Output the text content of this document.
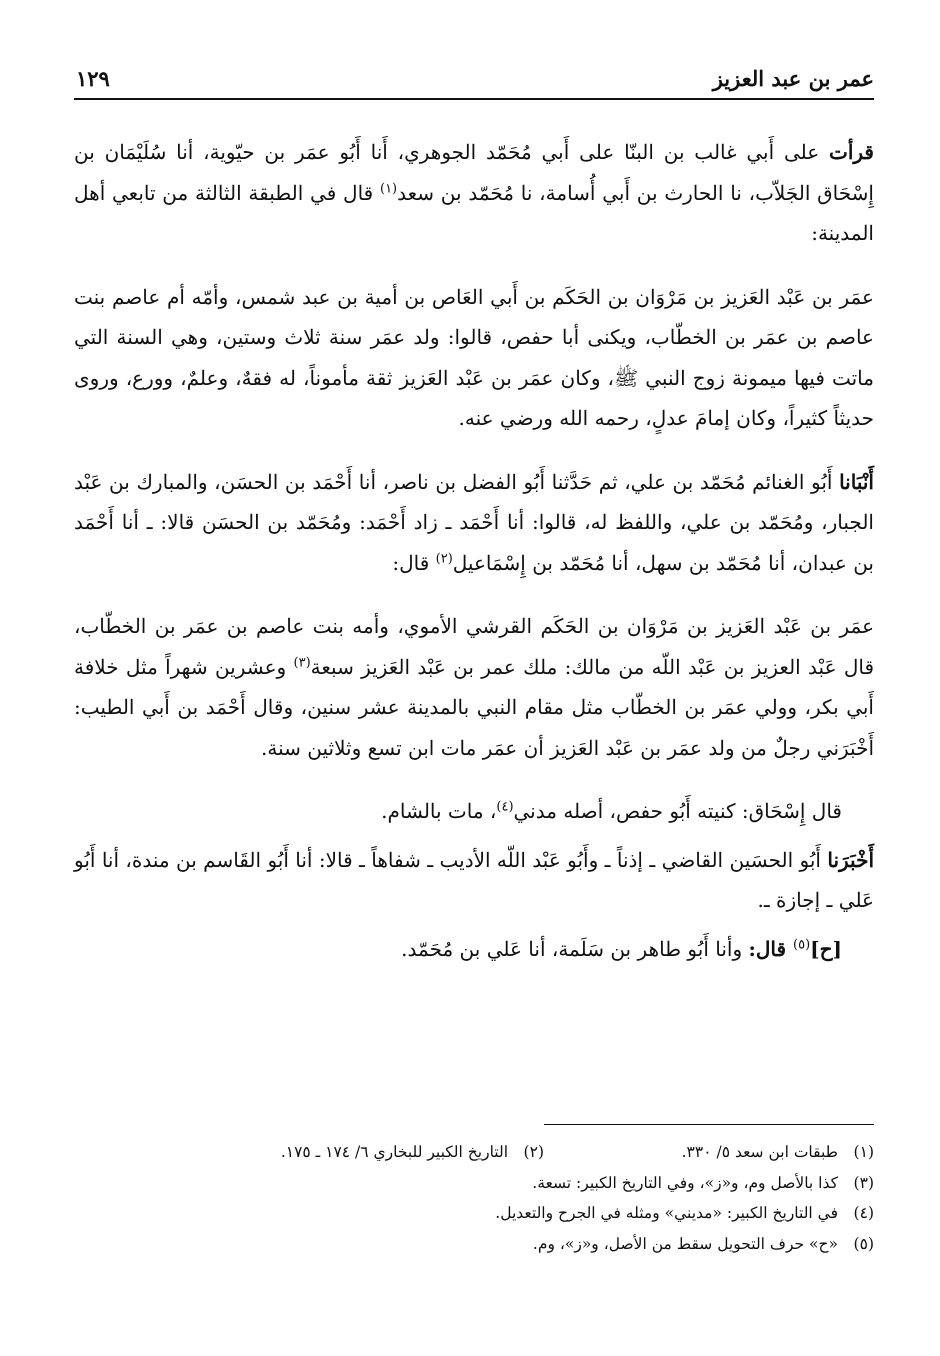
عمر بن عبد العزيز
١٢٩

قرأت على أَبي غالب بن البنّا على أَبي مُحَمّد الجوهري، أَنا أَبُو عمَر بن حيّوية، أنا سُلَيْمَان بن إِسْحَاق الجَلاّب، نا الحارث بن أَبي أُسامة، نا مُحَمّد بن سعد$^{(١)}$ قال في الطبقة الثالثة من تابعي أهل المدينة:

عمَر بن عَبْد العَزيز بن مَرْوَان بن الحَكَم بن أَبي العَاص بن أمية بن عبد شمس، وأمّه أم عاصم بنت عاصم بن عمَر بن الخطّاب، ويكنى أبا حفص، قالوا: ولد عمَر سنة ثلاث وستين، وهي السنة التي ماتت فيها ميمونة زوج النبي ﷺ، وكان عمَر بن عَبْد العَزيز ثقة مأموناً، له فقهٌ، وعلمٌ، وورع، وروى حديثاً كثيراً، وكان إمامَ عدلٍ، رحمه الله ورضي عنه.

أَنْبَانا أَبُو الغنائم مُحَمّد بن علي، ثم حَدَّثنا أَبُو الفضل بن ناصر، أنا أَحْمَد بن الحسَن، والمبارك بن عَبْد الجبار، ومُحَمّد بن علي، واللفظ له، قالوا: أنا أَحْمَد ـ زاد أَحْمَد: ومُحَمّد بن الحسَن قالا: ـ أنا أَحْمَد بن عبدان، أنا مُحَمّد بن سهل، أنا مُحَمّد بن إِسْمَاعيل$^{(٢)}$ قال:

عمَر بن عَبْد العَزيز بن مَرْوَان بن الحَكَم القرشي الأموي، وأمه بنت عاصم بن عمَر بن الخطّاب، قال عَبْد العزيز بن عَبْد اللّه من مالك: ملك عمر بن عَبْد العَزيز سبعة$^{(٣)}$ وعشرين شهراً مثل خلافة أَبي بكر، وولي عمَر بن الخطّاب مثل مقام النبي بالمدينة عشر سنين، وقال أَحْمَد بن أَبي الطيب: أَخْبَرَني رجلٌ من ولد عمَر بن عَبْد العَزيز أن عمَر مات ابن تسع وثلاثين سنة.

قال إِسْحَاق: كنيته أَبُو حفص، أصله مدني$^{(٤)}$، مات بالشام.

أَخْبَرَنا أَبُو الحسَين القاضي ـ إذناً ـ وأَبُو عَبْد اللّه الأديب ـ شفاهاً ـ قالا: أنا أَبُو القَاسم بن مندة، أنا أَبُو عَلي ـ إجازة ـ.

[ح]$^{(٥)}$ قال: وأنا أَبُو طاهر بن سَلَمة، أنا عَلي بن مُحَمّد.

(١)طبقات ابن سعد ٥/ ٣٣٠.
(٢)التاريخ الكبير للبخاري ٦/ ١٧٤ ـ ١٧٥.
(٣)كذا بالأصل وم، و«ز»، وفي التاريخ الكبير: تسعة.
(٤)في التاريخ الكبير: «مديني» ومثله في الجرح والتعديل.
(٥)«ح» حرف التحويل سقط من الأصل، و«ز»، وم.
